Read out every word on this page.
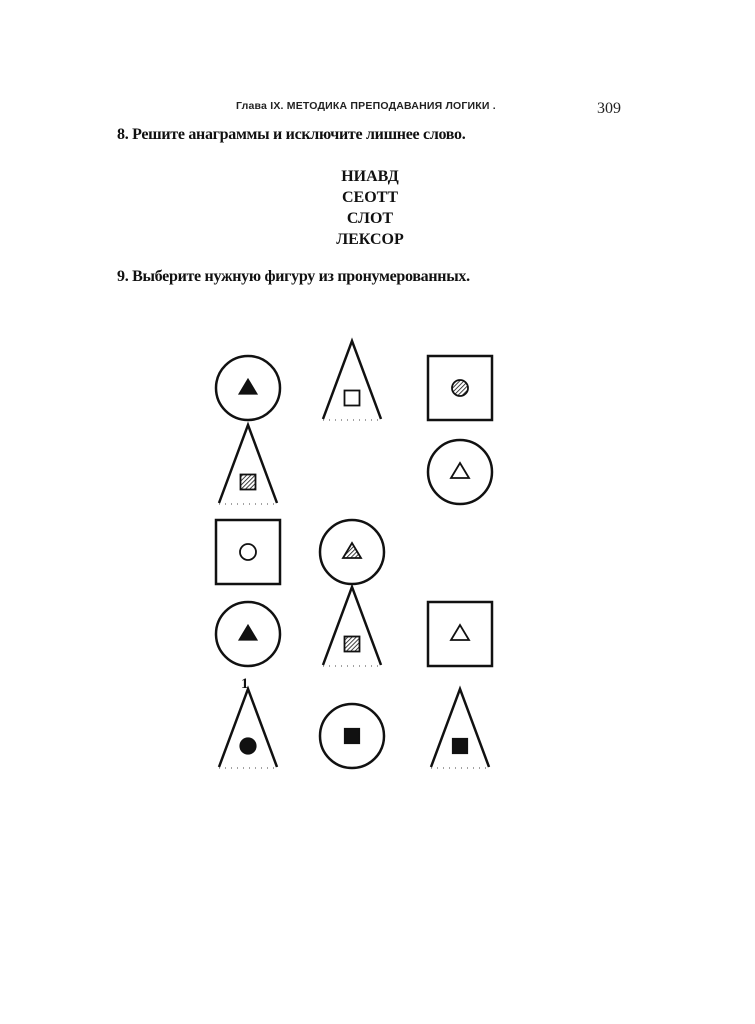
Глава IX. МЕТОДИКА ПРЕПОДАВАНИЯ ЛОГИКИ .	309
8. Решите анаграммы и исключите лишнее слово.
НИАВД
СЕОТТ
СЛОТ
ЛЕКСОР
9. Выберите нужную фигуру из пронумерованных.
1
